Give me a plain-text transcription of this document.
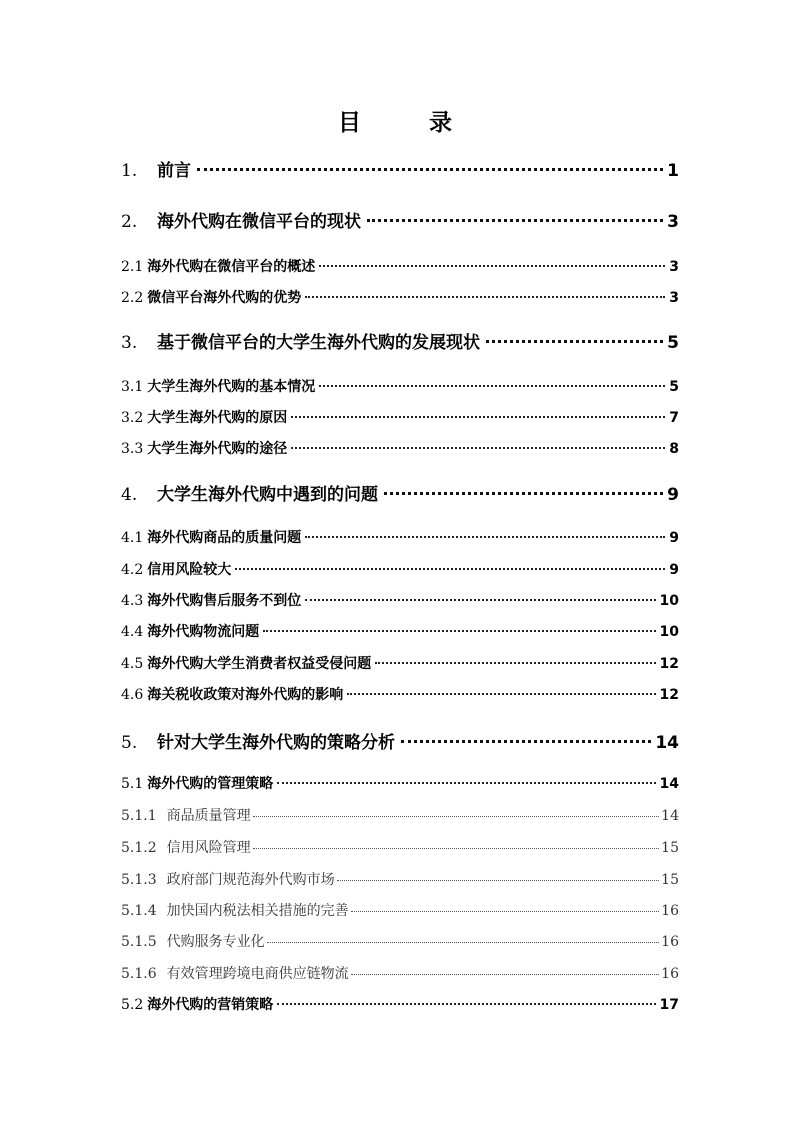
目 录
1. 前言	1
2. 海外代购在微信平台的现状	3
2.1 海外代购在微信平台的概述	3
2.2 微信平台海外代购的优势	3
3. 基于微信平台的大学生海外代购的发展现状	5
3.1 大学生海外代购的基本情况	5
3.2 大学生海外代购的原因	7
3.3 大学生海外代购的途径	8
4. 大学生海外代购中遇到的问题	9
4.1 海外代购商品的质量问题	9
4.2 信用风险较大	9
4.3 海外代购售后服务不到位	10
4.4 海外代购物流问题	10
4.5 海外代购大学生消费者权益受侵问题	12
4.6 海关税收政策对海外代购的影响	12
5. 针对大学生海外代购的策略分析	14
5.1 海外代购的管理策略	14
5.1.1 商品质量管理	14
5.1.2 信用风险管理	15
5.1.3 政府部门规范海外代购市场	15
5.1.4 加快国内税法相关措施的完善	16
5.1.5 代购服务专业化	16
5.1.6 有效管理跨境电商供应链物流	16
5.2 海外代购的营销策略	17
